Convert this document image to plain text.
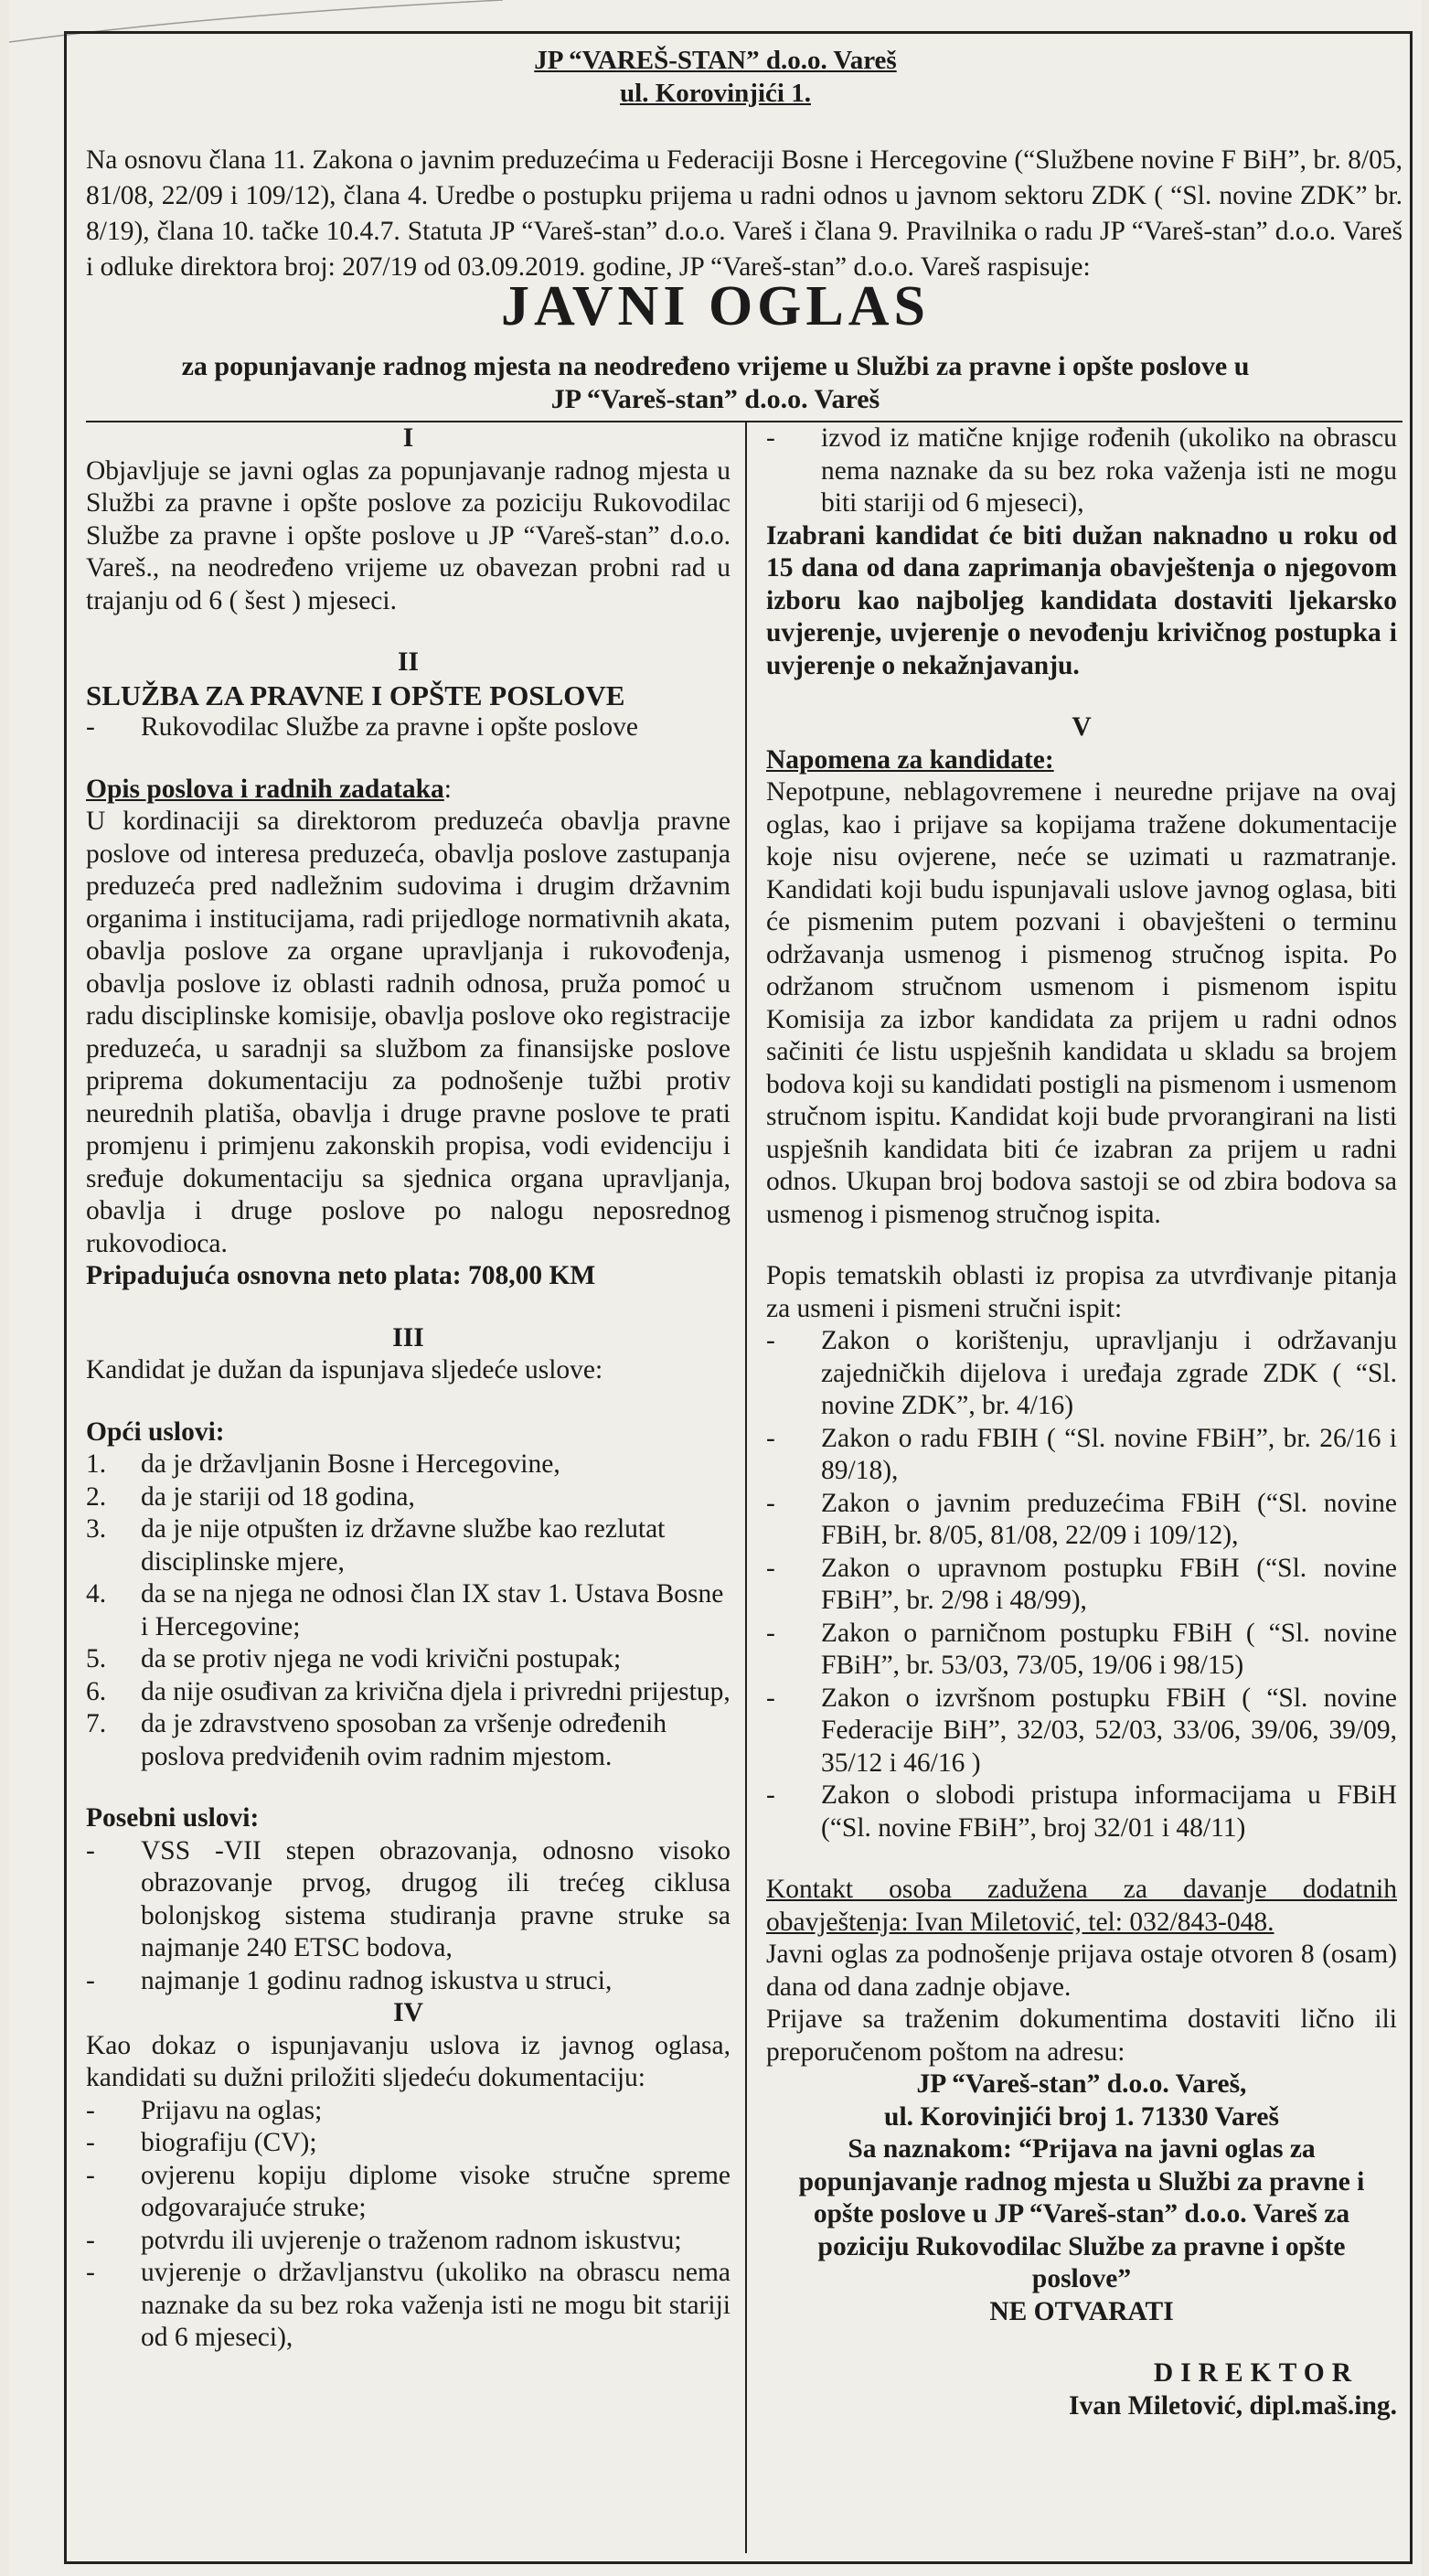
JP “VAREŠ-STAN” d.o.o. Vareš
ul. Korovinjići 1.

Na osnovu člana 11. Zakona o javnim preduzećima u Federaciji Bosne i Hercegovine (“Službene novine F BiH”, br. 8/05, 81/08, 22/09 i 109/12), člana 4. Uredbe o postupku prijema u radni odnos u javnom sektoru ZDK ( “Sl. novine ZDK” br. 8/19), člana 10. tačke 10.4.7. Statuta JP “Vareš-stan” d.o.o. Vareš i člana 9. Pravilnika o radu JP “Vareš-stan” d.o.o. Vareš i odluke direktora broj: 207/19 od 03.09.2019. godine, JP “Vareš-stan” d.o.o. Vareš raspisuje:

JAVNI OGLAS
za popunjavanje radnog mjesta na neodređeno vrijeme u Službi za pravne i opšte poslove u
JP “Vareš-stan” d.o.o. Vareš
I

Objavljuje se javni oglas za popunjavanje radnog mjesta u Službi za pravne i opšte poslove za poziciju Rukovodilac Službe za pravne i opšte poslove u JP “Vareš-stan” d.o.o. Vareš., na neodređeno vrijeme uz obavezan probni rad u trajanju od 6 ( šest ) mjeseci.

II
SLUŽBA ZA PRAVNE I OPŠTE POSLOVE
-	Rukovodilac Službe za pravne i opšte poslove
Opis poslova i radnih zadataka:

U kordinaciji sa direktorom preduzeća obavlja pravne poslove od interesa preduzeća, obavlja poslove zastupanja preduzeća pred nadležnim sudovima i drugim državnim organima i institucijama, radi prijedloge normativnih akata, obavlja poslove za organe upravljanja i rukovođenja, obavlja poslove iz oblasti radnih odnosa, pruža pomoć u radu disciplinske komisije, obavlja poslove oko registracije preduzeća, u saradnji sa službom za finansijske poslove priprema dokumentaciju za podnošenje tužbi protiv neurednih platiša, obavlja i druge pravne poslove te prati promjenu i primjenu zakonskih propisa, vodi evidenciju i sređuje dokumentaciju sa sjednica organa upravljanja, obavlja i druge poslove po nalogu neposrednog rukovodioca.

Pripadujuća osnovna neto plata: 708,00 KM
III
Kandidat je dužan da ispunjava sljedeće uslove:
Opći uslovi:
1.	da je državljanin Bosne i Hercegovine,
2.	da je stariji od 18 godina,
3.	da je nije otpušten iz državne službe kao rezlutat disciplinske mjere,
4.	da se na njega ne odnosi član IX stav 1. Ustava Bosne i Hercegovine;
5.	da se protiv njega ne vodi krivični postupak;
6.	da nije osuđivan za krivična djela i privredni prijestup,
7.	da je zdravstveno sposoban za vršenje određenih poslova predviđenih ovim radnim mjestom.
Posebni uslovi:
-	VSS -VII stepen obrazovanja, odnosno visoko obrazovanje prvog, drugog ili trećeg ciklusa bolonjskog sistema studiranja pravne struke sa najmanje 240 ETSC bodova,
-	najmanje 1 godinu radnog iskustva u struci,
IV

Kao dokaz o ispunjavanju uslova iz javnog oglasa, kandidati su dužni priložiti sljedeću dokumentaciju:

-	Prijavu na oglas;
-	biografiju (CV);
-	ovjerenu kopiju diplome visoke stručne spreme odgovarajuće struke;
-	potvrdu ili uvjerenje o traženom radnom iskustvu;
-	uvjerenje o državljanstvu (ukoliko na obrascu nema naznake da su bez roka važenja isti ne mogu bit stariji od 6 mjeseci),
-	izvod iz matične knjige rođenih (ukoliko na obrascu nema naznake da su bez roka važenja isti ne mogu biti stariji od 6 mjeseci),

Izabrani kandidat će biti dužan naknadno u roku od 15 dana od dana zaprimanja obavještenja o njegovom izboru kao najboljeg kandidata dostaviti ljekarsko uvjerenje, uvjerenje o nevođenju krivičnog postupka i uvjerenje o nekažnjavanju.

V
Napomena za kandidate:

Nepotpune, neblagovremene i neuredne prijave na ovaj oglas, kao i prijave sa kopijama tražene dokumentacije koje nisu ovjerene, neće se uzimati u razmatranje. Kandidati koji budu ispunjavali uslove javnog oglasa, biti će pismenim putem pozvani i obavješteni o terminu održavanja usmenog i pismenog stručnog ispita. Po održanom stručnom usmenom i pismenom ispitu Komisija za izbor kandidata za prijem u radni odnos sačiniti će listu uspješnih kandidata u skladu sa brojem bodova koji su kandidati postigli na pismenom i usmenom stručnom ispitu. Kandidat koji bude prvorangirani na listi uspješnih kandidata biti će izabran za prijem u radni odnos. Ukupan broj bodova sastoji se od zbira bodova sa usmenog i pismenog stručnog ispita.

Popis tematskih oblasti iz propisa za utvrđivanje pitanja za usmeni i pismeni stručni ispit:

-	Zakon o korištenju, upravljanju i održavanju zajedničkih dijelova i uređaja zgrade ZDK ( “Sl. novine ZDK”, br. 4/16)
-	Zakon o radu FBIH ( “Sl. novine FBiH”, br. 26/16 i 89/18),
-	Zakon o javnim preduzećima FBiH (“Sl. novine FBiH, br. 8/05, 81/08, 22/09 i 109/12),
-	Zakon o upravnom postupku FBiH (“Sl. novine FBiH”, br. 2/98 i 48/99),
-	Zakon o parničnom postupku FBiH ( “Sl. novine FBiH”, br. 53/03, 73/05, 19/06 i 98/15)
-	Zakon o izvršnom postupku FBiH ( “Sl. novine Federacije BiH”, 32/03, 52/03, 33/06, 39/06, 39/09, 35/12 i 46/16 )
-	Zakon o slobodi pristupa informacijama u FBiH (“Sl. novine FBiH”, broj 32/01 i 48/11)

Kontakt osoba zadužena za davanje dodatnih obavještenja: Ivan Miletović, tel: 032/843-048.

Javni oglas za podnošenje prijava ostaje otvoren 8 (osam) dana od dana zadnje objave.

Prijave sa traženim dokumentima dostaviti lično ili preporučenom poštom na adresu:

JP “Vareš-stan” d.o.o. Vareš,
ul. Korovinjići broj 1. 71330 Vareš
Sa naznakom: “Prijava na javni oglas za popunjavanje radnog mjesta u Službi za pravne i opšte poslove u JP “Vareš-stan” d.o.o. Vareš za poziciju Rukovodilac Službe za pravne i opšte poslove”
NE OTVARATI
DIREKTOR
Ivan Miletović, dipl.maš.ing.
